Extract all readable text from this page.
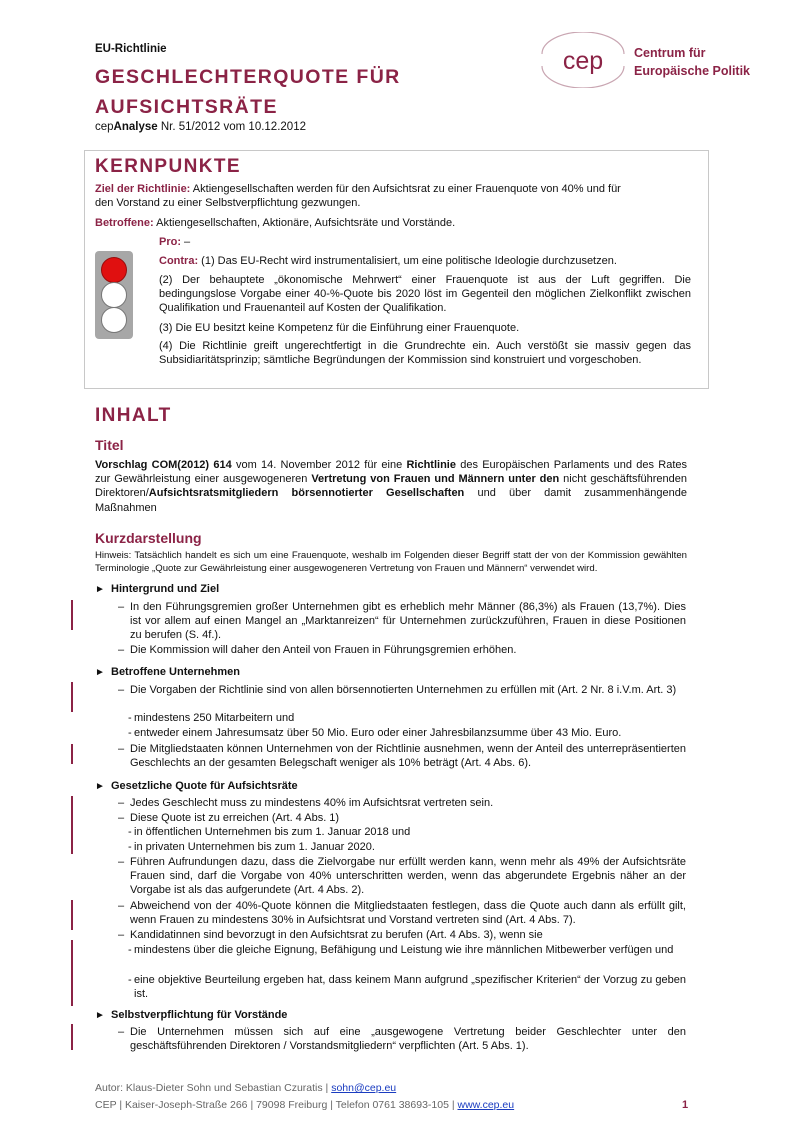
EU-Richtlinie
GESCHLECHTERQUOTE FÜR
AUFSICHTSRÄTE
cepAnalyse Nr. 51/2012 vom 10.12.2012
cep Centrum für
Europäische Politik
KERNPUNKTE
Ziel der Richtlinie: Aktiengesellschaften werden für den Aufsichtsrat zu einer Frauenquote von 40% und für
den Vorstand zu einer Selbstverpflichtung gezwungen.
Betroffene: Aktiengesellschaften, Aktionäre, Aufsichtsräte und Vorstände.
Pro: –
Contra: (1) Das EU-Recht wird instrumentalisiert, um eine politische Ideologie durchzusetzen.
(2) Der behauptete „ökonomische Mehrwert“ einer Frauenquote ist aus der Luft gegriffen. Die bedingungslose Vorgabe einer 40-%-Quote bis 2020 löst im Gegenteil den möglichen Zielkonflikt zwischen Qualifikation und Frauenanteil auf Kosten der Qualifikation.
(3) Die EU besitzt keine Kompetenz für die Einführung einer Frauenquote.
(4) Die Richtlinie greift ungerechtfertigt in die Grundrechte ein. Auch verstößt sie massiv gegen das Subsidiaritätsprinzip; sämtliche Begründungen der Kommission sind konstruiert und vorgeschoben.
INHALT
Titel
Vorschlag COM(2012) 614 vom 14. November 2012 für eine Richtlinie des Europäischen Parlaments und des Rates zur Gewährleistung einer ausgewogeneren Vertretung von Frauen und Männern unter den nicht geschäftsführenden Direktoren/Aufsichtsratsmitgliedern börsennotierter Gesellschaften und über damit zusammenhängende Maßnahmen
Kurzdarstellung
Hinweis: Tatsächlich handelt es sich um eine Frauenquote, weshalb im Folgenden dieser Begriff statt der von der Kommission gewählten Terminologie „Quote zur Gewährleistung einer ausgewogeneren Vertretung von Frauen und Männern“ verwendet wird.
► Hintergrund und Ziel
– In den Führungsgremien großer Unternehmen gibt es erheblich mehr Männer (86,3%) als Frauen (13,7%). Dies ist vor allem auf einen Mangel an „Marktanreizen“ für Unternehmen zurückzuführen, Frauen in diese Positionen zu berufen (S. 4f.).
– Die Kommission will daher den Anteil von Frauen in Führungsgremien erhöhen.
► Betroffene Unternehmen
– Die Vorgaben der Richtlinie sind von allen börsennotierten Unternehmen zu erfüllen mit (Art. 2 Nr. 8 i.V.m. Art. 3)
- mindestens 250 Mitarbeitern und
- entweder einem Jahresumsatz über 50 Mio. Euro oder einer Jahresbilanzsumme über 43 Mio. Euro.
– Die Mitgliedstaaten können Unternehmen von der Richtlinie ausnehmen, wenn der Anteil des unterrepräsentierten Geschlechts an der gesamten Belegschaft weniger als 10% beträgt (Art. 4 Abs. 6).
► Gesetzliche Quote für Aufsichtsräte
– Jedes Geschlecht muss zu mindestens 40% im Aufsichtsrat vertreten sein.
– Diese Quote ist zu erreichen (Art. 4 Abs. 1)
- in öffentlichen Unternehmen bis zum 1. Januar 2018 und
- in privaten Unternehmen bis zum 1. Januar 2020.
– Führen Aufrundungen dazu, dass die Zielvorgabe nur erfüllt werden kann, wenn mehr als 49% der Aufsichtsräte Frauen sind, darf die Vorgabe von 40% unterschritten werden, wenn das abgerundete Ergebnis näher an der Vorgabe ist als das aufgerundete (Art. 4 Abs. 2).
– Abweichend von der 40%-Quote können die Mitgliedstaaten festlegen, dass die Quote auch dann als erfüllt gilt, wenn Frauen zu mindestens 30% in Aufsichtsrat und Vorstand vertreten sind (Art. 4 Abs. 7).
– Kandidatinnen sind bevorzugt in den Aufsichtsrat zu berufen (Art. 4 Abs. 3), wenn sie
- mindestens über die gleiche Eignung, Befähigung und Leistung wie ihre männlichen Mitbewerber verfügen und
- eine objektive Beurteilung ergeben hat, dass keinem Mann aufgrund „spezifischer Kriterien“ der Vorzug zu geben ist.
► Selbstverpflichtung für Vorstände
– Die Unternehmen müssen sich auf eine „ausgewogene Vertretung beider Geschlechter unter den geschäftsführenden Direktoren / Vorstandsmitgliedern“ verpflichten (Art. 5 Abs. 1).
Autor: Klaus-Dieter Sohn und Sebastian Czuratis | sohn@cep.eu
CEP | Kaiser-Joseph-Straße 266 | 79098 Freiburg | Telefon 0761 38693-105 | www.cep.eu	1
